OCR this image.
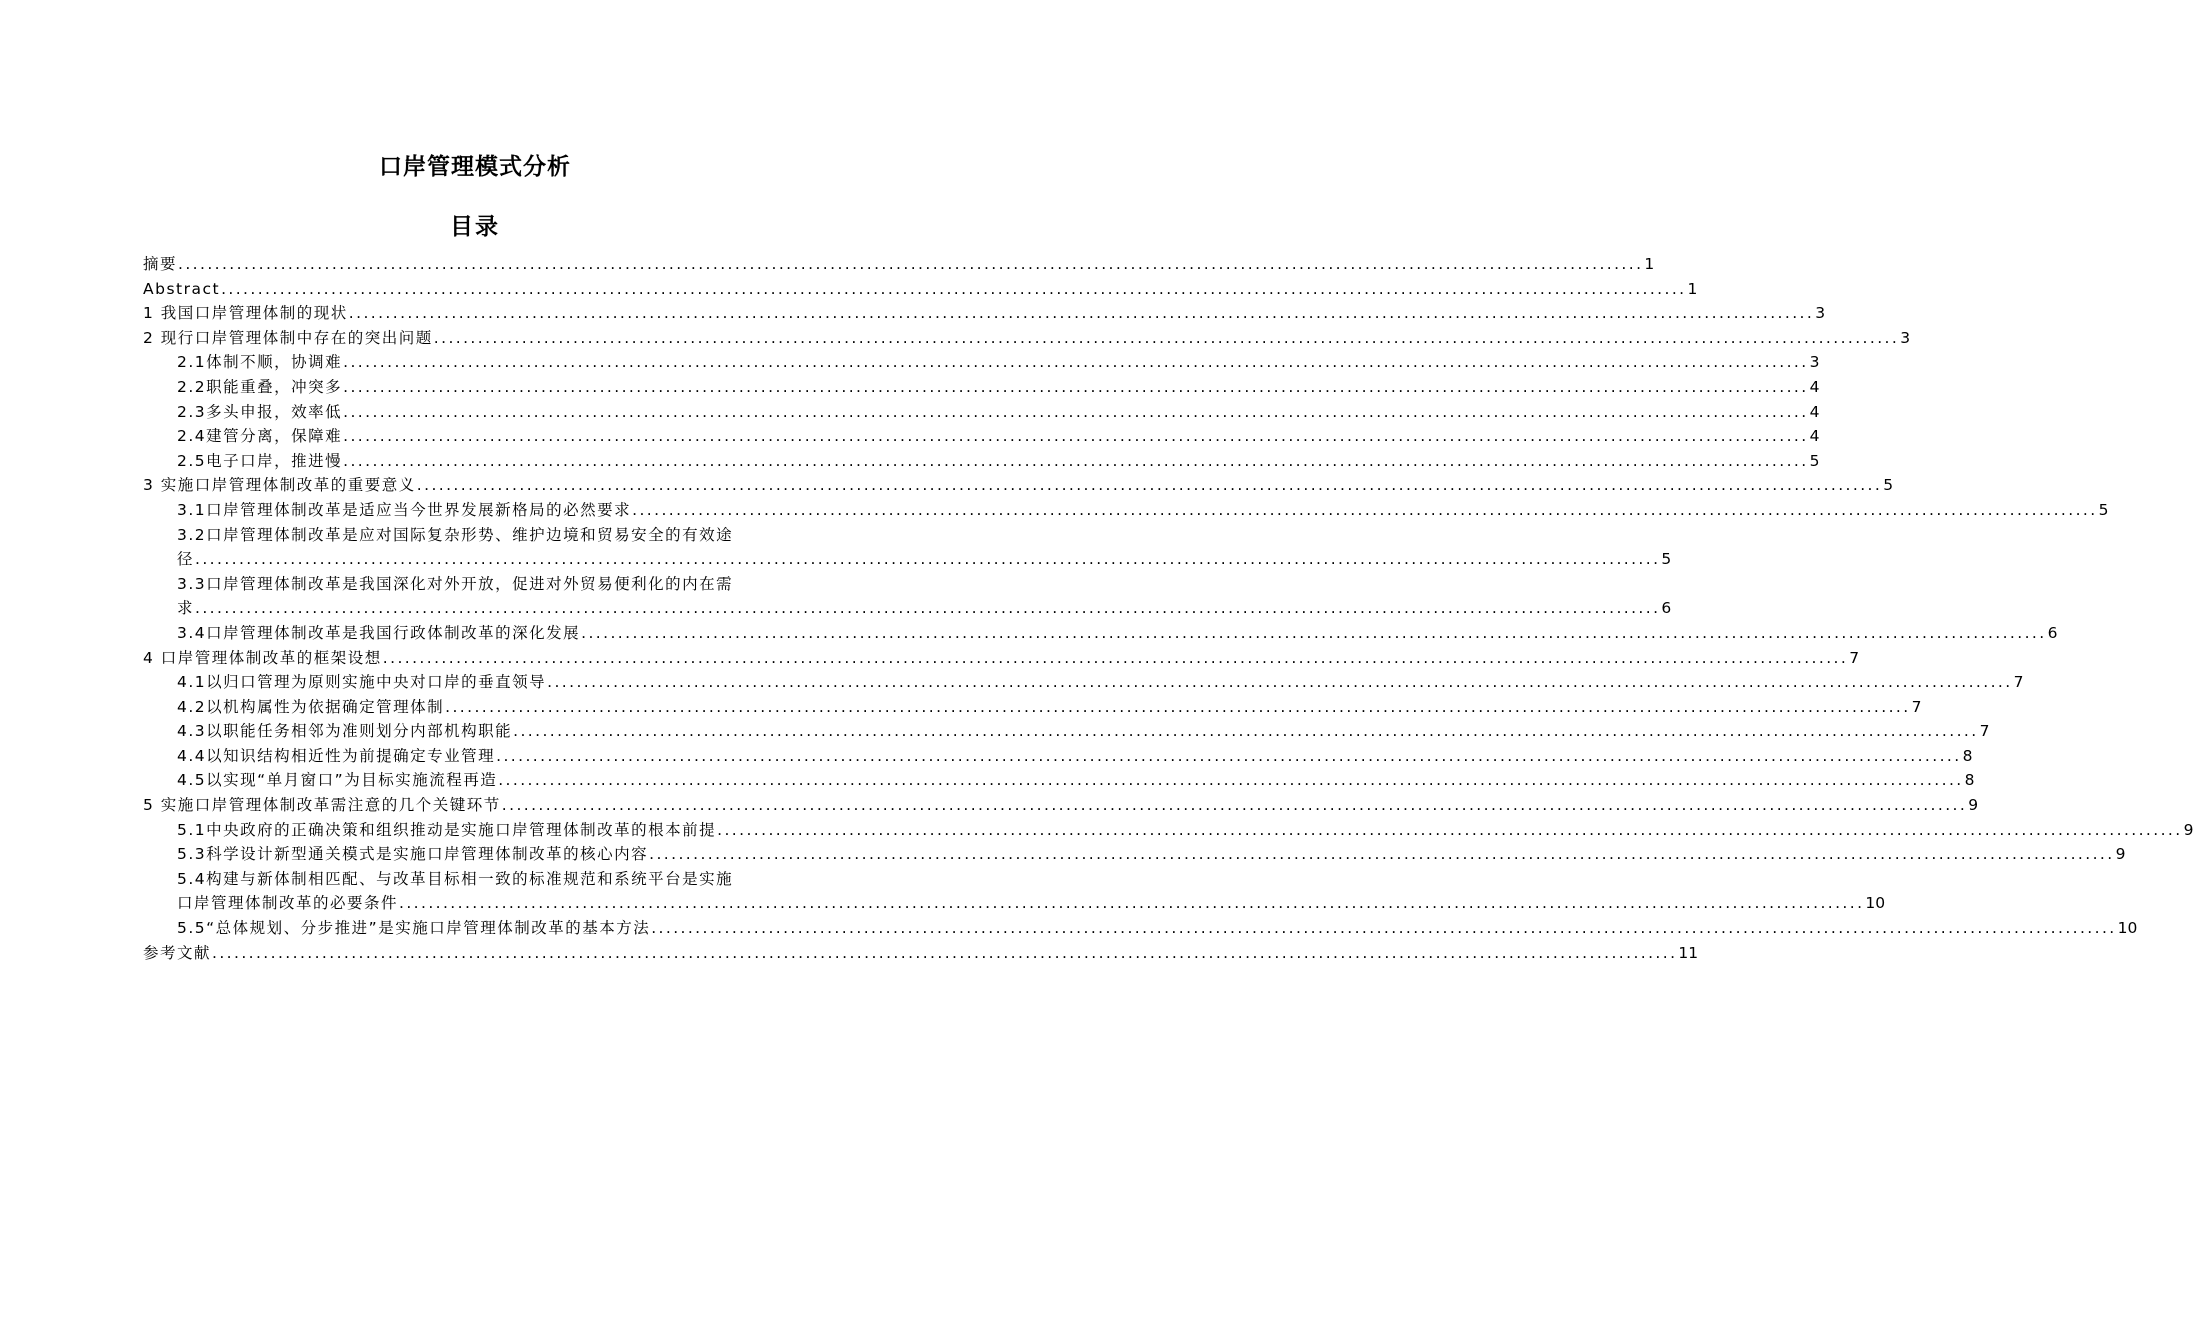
口岸管理模式分析
目录
摘要 ........................................................................................................................................................................................................ 1
Abstract ........................................................................................................................................................................................................ 1
1 我国口岸管理体制的现状 ........................................................................................................................................................................................................ 3
2 现行口岸管理体制中存在的突出问题 ........................................................................................................................................................................................................ 3
2.1体制不顺，协调难 ........................................................................................................................................................................................................ 3
2.2职能重叠，冲突多 ........................................................................................................................................................................................................ 4
2.3多头申报，效率低 ........................................................................................................................................................................................................ 4
2.4建管分离，保障难 ........................................................................................................................................................................................................ 4
2.5电子口岸，推进慢 ........................................................................................................................................................................................................ 5
3 实施口岸管理体制改革的重要意义 ........................................................................................................................................................................................................ 5
3.1口岸管理体制改革是适应当今世界发展新格局的必然要求 ........................................................................................................................................................................................................ 5
3.2口岸管理体制改革是应对国际复杂形势、维护边境和贸易安全的有效途
径 ........................................................................................................................................................................................................ 5
3.3口岸管理体制改革是我国深化对外开放，促进对外贸易便利化的内在需
求 ........................................................................................................................................................................................................ 6
3.4口岸管理体制改革是我国行政体制改革的深化发展 ........................................................................................................................................................................................................ 6
4 口岸管理体制改革的框架设想 ........................................................................................................................................................................................................ 7
4.1以归口管理为原则实施中央对口岸的垂直领导 ........................................................................................................................................................................................................ 7
4.2以机构属性为依据确定管理体制 ........................................................................................................................................................................................................ 7
4.3以职能任务相邻为准则划分内部机构职能 ........................................................................................................................................................................................................ 7
4.4以知识结构相近性为前提确定专业管理 ........................................................................................................................................................................................................ 8
4.5以实现“单月窗口”为目标实施流程再造 ........................................................................................................................................................................................................ 8
5 实施口岸管理体制改革需注意的几个关键环节 ........................................................................................................................................................................................................ 9
5.1中央政府的正确决策和组织推动是实施口岸管理体制改革的根本前提 ........................................................................................................................................................................................................ 9
5.3科学设计新型通关模式是实施口岸管理体制改革的核心内容 ........................................................................................................................................................................................................ 9
5.4构建与新体制相匹配、与改革目标相一致的标准规范和系统平台是实施
口岸管理体制改革的必要条件 ........................................................................................................................................................................................................ 10
5.5“总体规划、分步推进”是实施口岸管理体制改革的基本方法 ........................................................................................................................................................................................................ 10
参考文献 ........................................................................................................................................................................................................ 11
